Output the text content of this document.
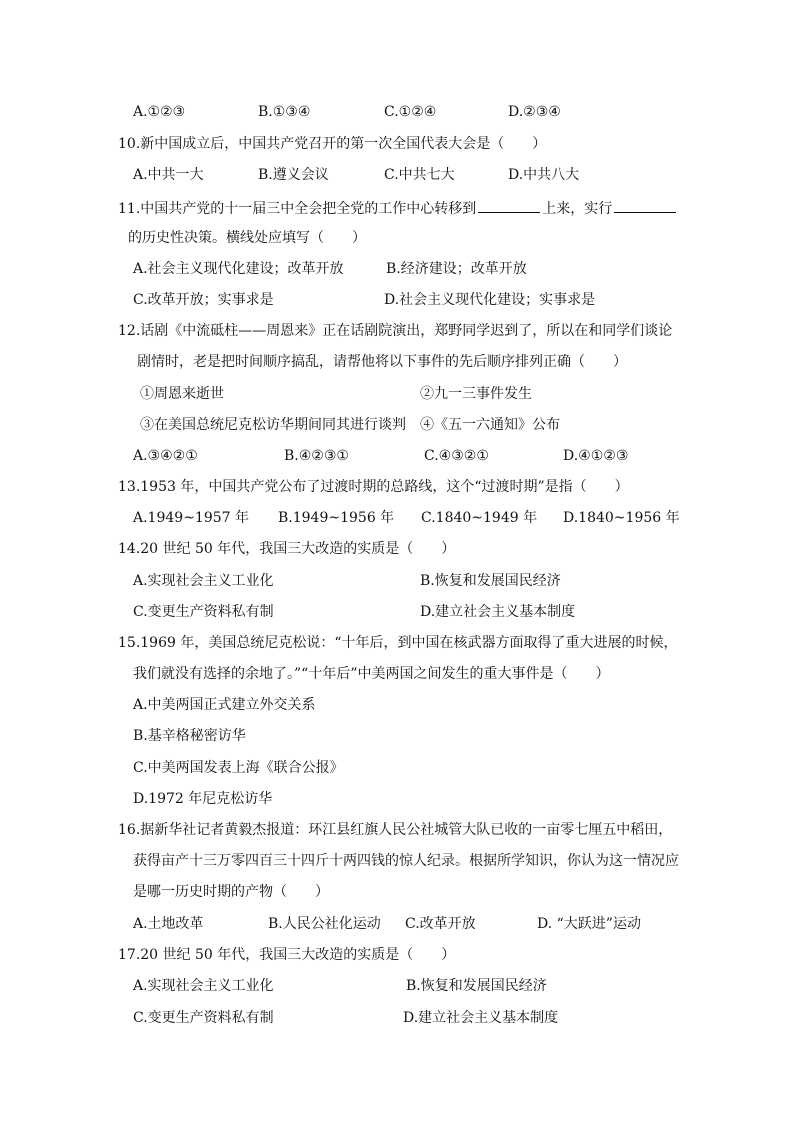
A.①②③	B.①③④	C.①②④	D.②③④
10.新中国成立后，中国共产党召开的第一次全国代表大会是（　　）
A.中共一大	B.遵义会议	C.中共七大	D.中共八大
11.中国共产党的十一届三中全会把全党的工作中心转移到	上来，实行
的历史性决策。横线处应填写（　　）
A.社会主义现代化建设；改革开放	B.经济建设；改革开放
C.改革开放；实事求是	D.社会主义现代化建设；实事求是
12.话剧《中流砥柱——周恩来》正在话剧院演出，郑野同学迟到了，所以在和同学们谈论
剧情时，老是把时间顺序搞乱，请帮他将以下事件的先后顺序排列正确（　　）
①周恩来逝世	②九一三事件发生
③在美国总统尼克松访华期间同其进行谈判 ④《五一六通知》公布
A.③④②①	B.④②③①	C.④③②①	D.④①②③
13.1953 年，中国共产党公布了过渡时期的总路线，这个“过渡时期”是指（　　）
A.1949~1957 年 B.1949~1956 年 C.1840~1949 年 D.1840~1956 年
14.20 世纪 50 年代，我国三大改造的实质是（　　）
A.实现社会主义工业化	B.恢复和发展国民经济
C.变更生产资料私有制	D.建立社会主义基本制度
15.1969 年，美国总统尼克松说：“十年后，到中国在核武器方面取得了重大进展的时候，
我们就没有选择的余地了。”“十年后”中美两国之间发生的重大事件是（　　）
A.中美两国正式建立外交关系
B.基辛格秘密访华
C.中美两国发表上海《联合公报》
D.1972 年尼克松访华
16.据新华社记者黄毅杰报道：环江县红旗人民公社城管大队已收的一亩零七厘五中稻田，
获得亩产十三万零四百三十四斤十两四钱的惊人纪录。根据所学知识，你认为这一情况应
是哪一历史时期的产物（　　）
A.土地改革	B.人民公社化运动 C.改革开放	D. “大跃进”运动
17.20 世纪 50 年代，我国三大改造的实质是（　　）
A.实现社会主义工业化	B.恢复和发展国民经济
C.变更生产资料私有制	D.建立社会主义基本制度
